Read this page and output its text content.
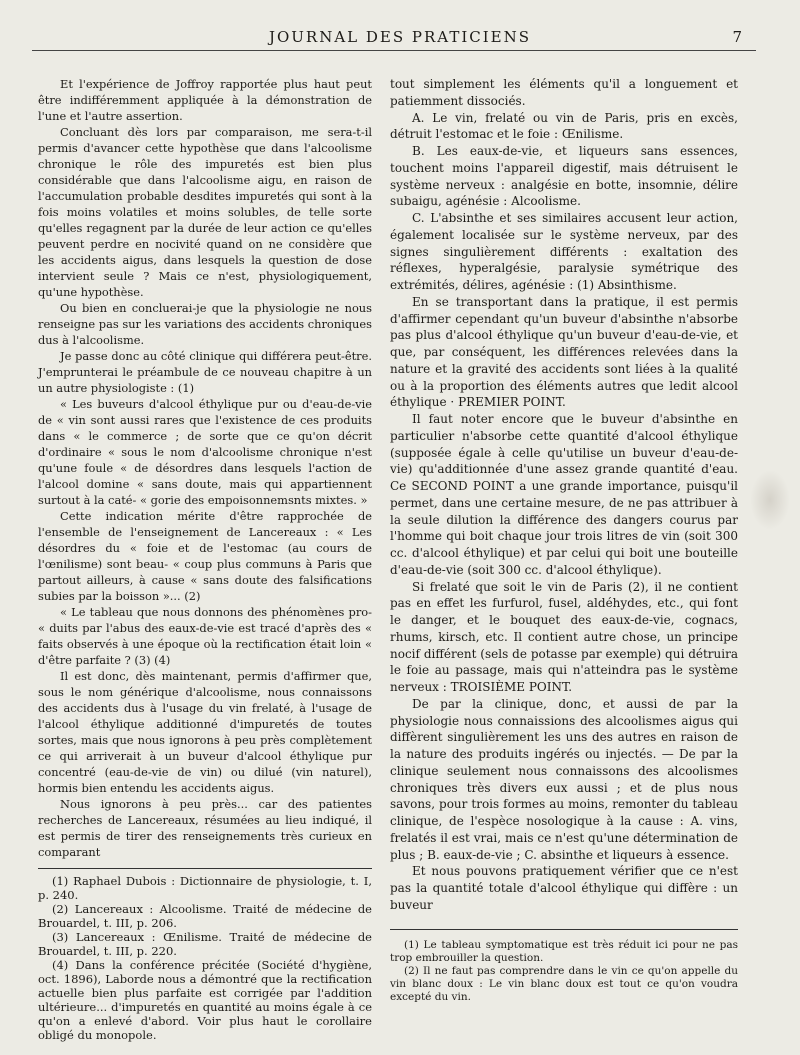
JOURNAL DES PRATICIENS	7

Et l'expérience de Joffroy rapportée plus haut peut être indifféremment appliquée à la démonstration de l'une et l'autre assertion.

Concluant dès lors par comparaison, me sera-t-il permis d'avancer cette hypothèse que dans l'alcoolisme chronique le rôle des impuretés est bien plus considérable que dans l'alcoolisme aigu, en raison de l'accumulation probable desdites impuretés qui sont à la fois moins volatiles et moins solubles, de telle sorte qu'elles regagnent par la durée de leur action ce qu'elles peuvent perdre en nocivité quand on ne considère que les accidents aigus, dans lesquels la question de dose intervient seule ? Mais ce n'est, physiologiquement, qu'une hypothèse.

Ou bien en concluerai-je que la physiologie ne nous renseigne pas sur les variations des accidents chroniques dus à l'alcoolisme.

Je passe donc au côté clinique qui différera peut-être. J'emprunterai le préambule de ce nouveau chapitre à un un autre physiologiste : (1)

« Les buveurs d'alcool éthylique pur ou d'eau-de-vie de « vin sont aussi rares que l'existence de ces produits dans « le commerce ; de sorte que ce qu'on décrit d'ordinaire « sous le nom d'alcoolisme chronique n'est qu'une foule « de désordres dans lesquels l'action de l'alcool domine « sans doute, mais qui appartiennent surtout à la caté- « gorie des empoisonnemsnts mixtes. »

Cette indication mérite d'être rapprochée de l'ensemble de l'enseignement de Lancereaux : « Les désordres du « foie et de l'estomac (au cours de l'œnilisme) sont beau- « coup plus communs à Paris que partout ailleurs, à cause « sans doute des falsifications subies par la boisson »... (2)

« Le tableau que nous donnons des phénomènes pro- « duits par l'abus des eaux-de-vie est tracé d'après des « faits observés à une époque où la rectification était loin « d'être parfaite ? (3) (4)

Il est donc, dès maintenant, permis d'affirmer que, sous le nom générique d'alcoolisme, nous connaissons des accidents dus à l'usage du vin frelaté, à l'usage de l'alcool éthylique additionné d'impuretés de toutes sortes, mais que nous ignorons à peu près complètement ce qui arriverait à un buveur d'alcool éthylique pur concentré (eau-de-vie de vin) ou dilué (vin naturel), hormis bien entendu les accidents aigus.

Nous ignorons à peu près... car des patientes recherches de Lancereaux, résumées au lieu indiqué, il est permis de tirer des renseignements très curieux en comparant

(1) Raphael Dubois : Dictionnaire de physiologie, t. I, p. 240.

(2) Lancereaux : Alcoolisme. Traité de médecine de Brouardel, t. III, p. 206.

(3) Lancereaux : Œnilisme. Traité de médecine de Brouardel, t. III, p. 220.

(4) Dans la conférence précitée (Société d'hygiène, oct. 1896), Laborde nous a démontré que la rectification actuelle bien plus parfaite est corrigée par l'addition ultérieure... d'impuretés en quantité au moins égale à ce qu'on a enlevé d'abord. Voir plus haut le corollaire obligé du monopole.

tout simplement les éléments qu'il a longuement et patiemment dissociés.

A. Le vin, frelaté ou vin de Paris, pris en excès, détruit l'estomac et le foie : Œnilisme.

B. Les eaux-de-vie, et liqueurs sans essences, touchent moins l'appareil digestif, mais détruisent le système nerveux : analgésie en botte, insomnie, délire subaigu, agénésie : Alcoolisme.

C. L'absinthe et ses similaires accusent leur action, également localisée sur le système nerveux, par des signes singulièrement différents : exaltation des réflexes, hyperalgésie, paralysie symétrique des extrémités, délires, agénésie : (1) Absinthisme.

En se transportant dans la pratique, il est permis d'affirmer cependant qu'un buveur d'absinthe n'absorbe pas plus d'alcool éthylique qu'un buveur d'eau-de-vie, et que, par conséquent, les différences relevées dans la nature et la gravité des accidents sont liées à la qualité ou à la proportion des éléments autres que ledit alcool éthylique · PREMIER POINT.

Il faut noter encore que le buveur d'absinthe en particulier n'absorbe cette quantité d'alcool éthylique (supposée égale à celle qu'utilise un buveur d'eau-de-vie) qu'additionnée d'une assez grande quantité d'eau. Ce SECOND POINT a une grande importance, puisqu'il permet, dans une certaine mesure, de ne pas attribuer à la seule dilution la différence des dangers courus par l'homme qui boit chaque jour trois litres de vin (soit 300 cc. d'alcool éthylique) et par celui qui boit une bouteille d'eau-de-vie (soit 300 cc. d'alcool éthylique).

Si frelaté que soit le vin de Paris (2), il ne contient pas en effet les furfurol, fusel, aldéhydes, etc., qui font le danger, et le bouquet des eaux-de-vie, cognacs, rhums, kirsch, etc. Il contient autre chose, un principe nocif différent (sels de potasse par exemple) qui détruira le foie au passage, mais qui n'atteindra pas le système nerveux : TROISIÈME POINT.

De par la clinique, donc, et aussi de par la physiologie nous connaissions des alcoolismes aigus qui diffèrent singulièrement les uns des autres en raison de la nature des produits ingérés ou injectés. — De par la clinique seulement nous connaissons des alcoolismes chroniques très divers eux aussi ; et de plus nous savons, pour trois formes au moins, remonter du tableau clinique, de l'espèce nosologique à la cause : A. vins, frelatés il est vrai, mais ce n'est qu'une détermination de plus ; B. eaux-de-vie ; C. absinthe et liqueurs à essence.

Et nous pouvons pratiquement vérifier que ce n'est pas la quantité totale d'alcool éthylique qui diffère : un buveur

(1) Le tableau symptomatique est très réduit ici pour ne pas trop embrouiller la question.

(2) Il ne faut pas comprendre dans le vin ce qu'on appelle du vin blanc doux : Le vin blanc doux est tout ce qu'on voudra excepté du vin.
